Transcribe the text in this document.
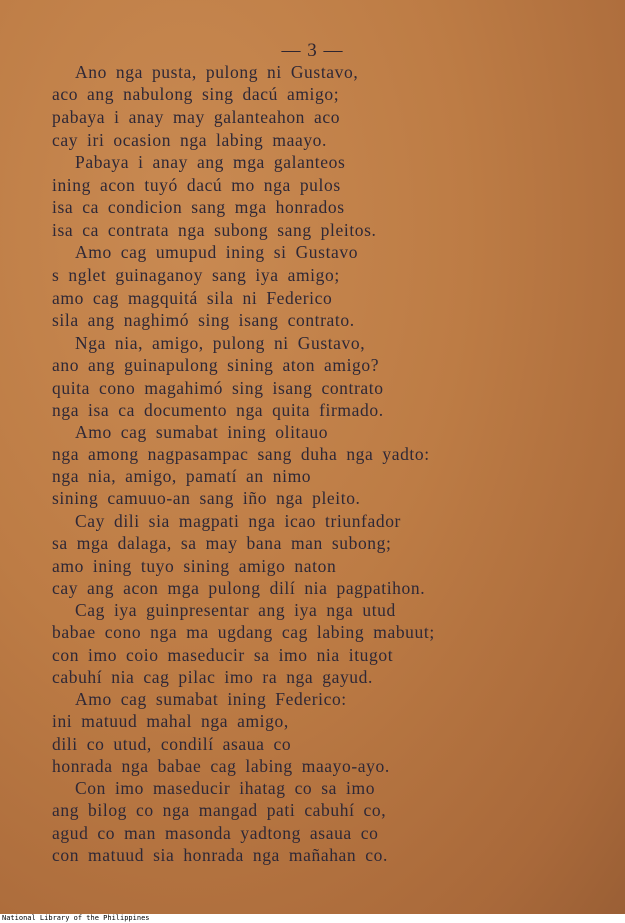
— 3 —

Ano nga pusta, pulong ni Gustavo,

aco ang nabulong sing dacú amigo;

pabaya i anay may galanteahon aco

cay iri ocasion nga labing maayo.

Pabaya i anay ang mga galanteos

ining acon tuyó dacú mo nga pulos

isa ca condicion sang mga honrados

isa ca contrata nga subong sang pleitos.

Amo cag umupud ining si Gustavo

s nglet guinaganoy sang iya amigo;

amo cag magquitá sila ni Federico

sila ang naghimó sing isang contrato.

Nga nia, amigo, pulong ni Gustavo,

ano ang guinapulong sining aton amigo?

quita cono magahimó sing isang contrato

nga isa ca documento nga quita firmado.

Amo cag sumabat ining olitauo

nga among nagpasampac sang duha nga yadto:

nga nia, amigo, pamatí an nimo

sining camuuo-an sang iño nga pleito.

Cay dili sia magpati nga icao triunfador

sa mga dalaga, sa may bana man subong;

amo ining tuyo sining amigo naton

cay ang acon mga pulong dilí nia pagpatihon.

Cag iya guinpresentar ang iya nga utud

babae cono nga ma ugdang cag labing mabuut;

con imo coio maseducir sa imo nia itugot

cabuhí nia cag pilac imo ra nga gayud.

Amo cag sumabat ining Federico:

ini matuud mahal nga amigo,

dili co utud, condilí asaua co

honrada nga babae cag labing maayo-ayo.

Con imo maseducir ihatag co sa imo

ang bilog co nga mangad pati cabuhí co,

agud co man masonda yadtong asaua co

con matuud sia honrada nga mañahan co.

National Library of the Philippines
